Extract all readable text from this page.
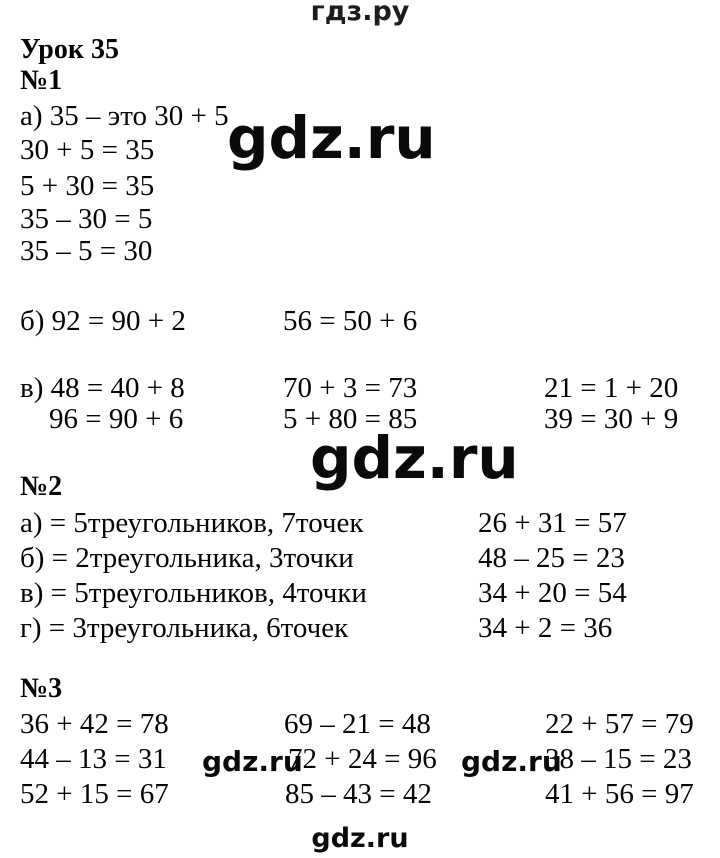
гдз.ру
gdz.ru
gdz.ru
Урок 35
№1
а) 35 – это 30 + 5
30 + 5 = 35
5 + 30 = 35
35 – 30 = 5
35 – 5 = 30
б) 92 = 90 + 2	56 = 50 + 6
в) 48 = 40 + 8	70 + 3 = 73	21 = 1 + 20
96 = 90 + 6	5 + 80 = 85	39 = 30 + 9
№2
а) = 5треугольников, 7точек	26 + 31 = 57
б) = 2треугольника, 3точки	48 – 25 = 23
в) = 5треугольников, 4точки	34 + 20 = 54
г) = 3треугольника, 6точек	34 + 2 = 36
№3
36 + 42 = 78	69 – 21 = 48	22 + 57 = 79
44 – 13 = 31	72 + 24 = 96	38 – 15 = 23
52 + 15 = 67	85 – 43 = 42	41 + 56 = 97
gdz.ru	gdz.ru
gdz.ru
